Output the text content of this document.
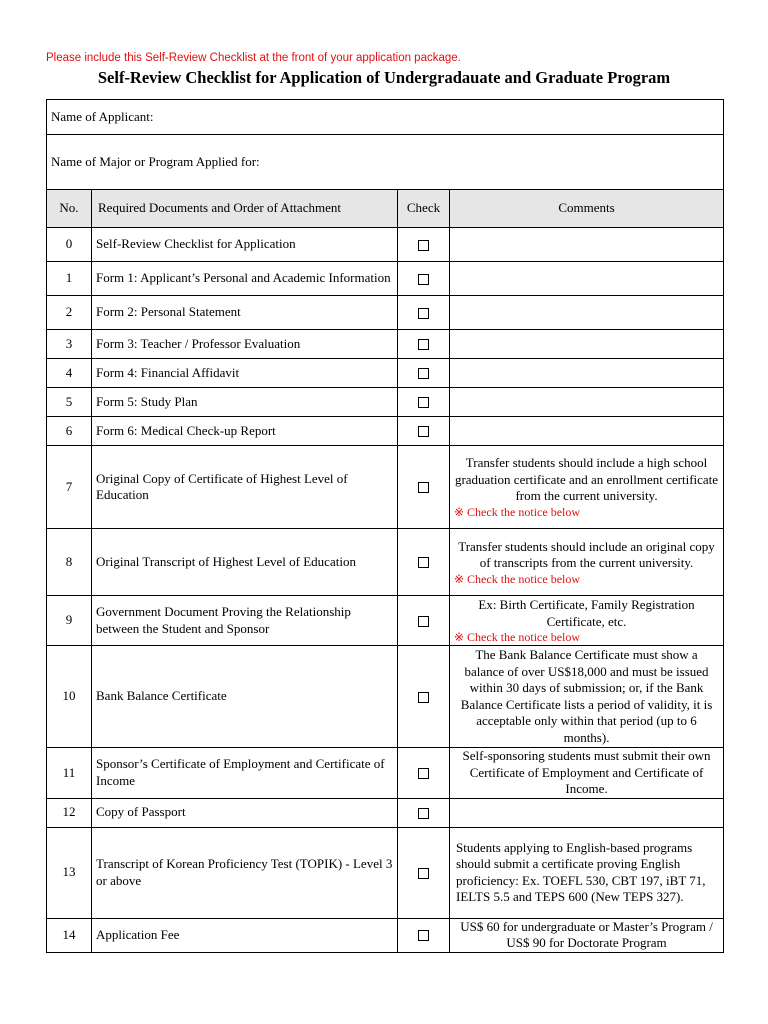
Please include this Self-Review Checklist at the front of your application package.
Self-Review Checklist for Application of Undergradauate and Graduate Program
Name of Applicant:			
Name of Major or Program Applied for:			
No.	Required Documents and Order of Attachment	Check	Comments
0	Self-Review Checklist for Application		
1	Form 1: Applicant’s Personal and Academic Information		
2	Form 2: Personal Statement		
3	Form 3: Teacher / Professor Evaluation		
4	Form 4: Financial Affidavit		
5	Form 5: Study Plan		
6	Form 6: Medical Check-up Report		
7	Original Copy of Certificate of Highest Level of Education		Transfer students should include a high school graduation certificate and an enrollment certificate from the current university.
※ Check the notice below

8	Original Transcript of Highest Level of Education		Transfer students should include an original copy of transcripts from the current university.
※ Check the notice below

9	Government Document Proving the Relationship between the Student and Sponsor		Ex: Birth Certificate, Family Registration Certificate, etc.
※ Check the notice below

10	Bank Balance Certificate		The Bank Balance Certificate must show a balance of over US$18,000 and must be issued within 30 days of submission; or, if the Bank Balance Certificate lists a period of validity, it is acceptable only within that period (up to 6 months).

11	Sponsor’s Certificate of Employment and Certificate of Income		Self-sponsoring students must submit their own Certificate of Employment and Certificate of Income.

12	Copy of Passport		
13	Transcript of Korean Proficiency Test (TOPIK) - Level 3 or above		Students applying to English-based programs should submit a certificate proving English proficiency: Ex. TOEFL 530, CBT 197, iBT 71, IELTS 5.5 and TEPS 600 (New TEPS 327).

14	Application Fee		US$ 60 for undergraduate or Master’s Program / US$ 90 for Doctorate Program
